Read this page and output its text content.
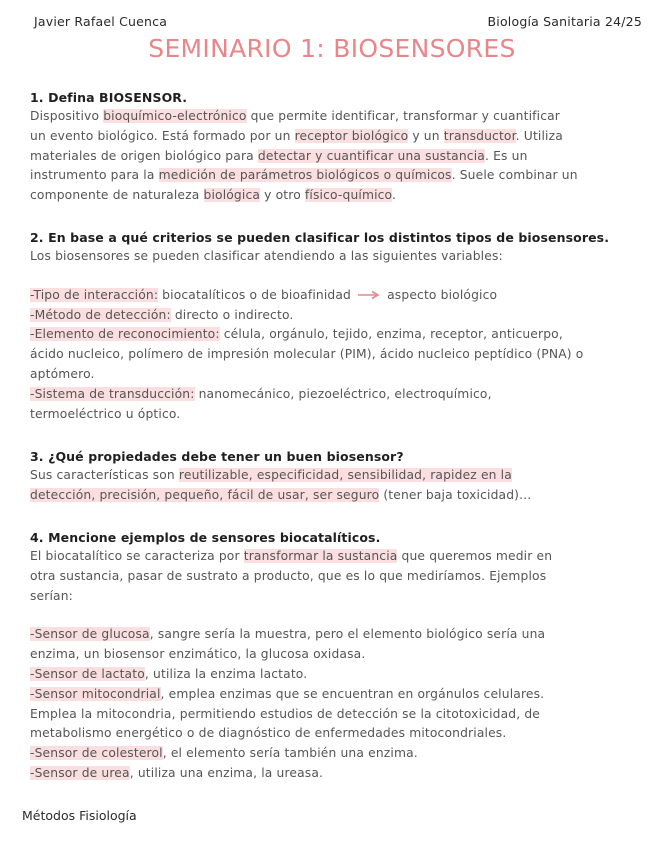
Javier Rafael Cuenca	Biología Sanitaria 24/25
SEMINARIO 1: BIOSENSORES
1. Defina BIOSENSOR.

Dispositivo bioquímico-electrónico que permite identificar, transformar y cuantificar

un evento biológico. Está formado por un receptor biológico y un transductor. Utiliza

materiales de origen biológico para detectar y cuantificar una sustancia. Es un

instrumento para la medición de parámetros biológicos o químicos. Suele combinar un

componente de naturaleza biológica y otro físico-químico.

2. En base a qué criterios se pueden clasificar los distintos tipos de biosensores.

Los biosensores se pueden clasificar atendiendo a las siguientes variables:

-Tipo de interacción: biocatalíticos o de bioafinidad  aspecto biológico

-Método de detección: directo o indirecto.

-Elemento de reconocimiento: célula, orgánulo, tejido, enzima, receptor, anticuerpo,

ácido nucleico, polímero de impresión molecular (PIM), ácido nucleico peptídico (PNA) o

aptómero.

-Sistema de transducción: nanomecánico, piezoeléctrico, electroquímico,

termoeléctrico u óptico.

3. ¿Qué propiedades debe tener un buen biosensor?

Sus características son reutilizable, especificidad, sensibilidad, rapidez en la

detección, precisión, pequeño, fácil de usar, ser seguro (tener baja toxicidad)...

4. Mencione ejemplos de sensores biocatalíticos.

El biocatalítico se caracteriza por transformar la sustancia que queremos medir en

otra sustancia, pasar de sustrato a producto, que es lo que mediríamos. Ejemplos

serían:

-Sensor de glucosa, sangre sería la muestra, pero el elemento biológico sería una

enzima, un biosensor enzimático, la glucosa oxidasa.

-Sensor de lactato, utiliza la enzima lactato.

-Sensor mitocondrial, emplea enzimas que se encuentran en orgánulos celulares.

Emplea la mitocondria, permitiendo estudios de detección se la citotoxicidad, de

metabolismo energético o de diagnóstico de enfermedades mitocondriales.

-Sensor de colesterol, el elemento sería también una enzima.

-Sensor de urea, utiliza una enzima, la ureasa.

Métodos Fisiología
